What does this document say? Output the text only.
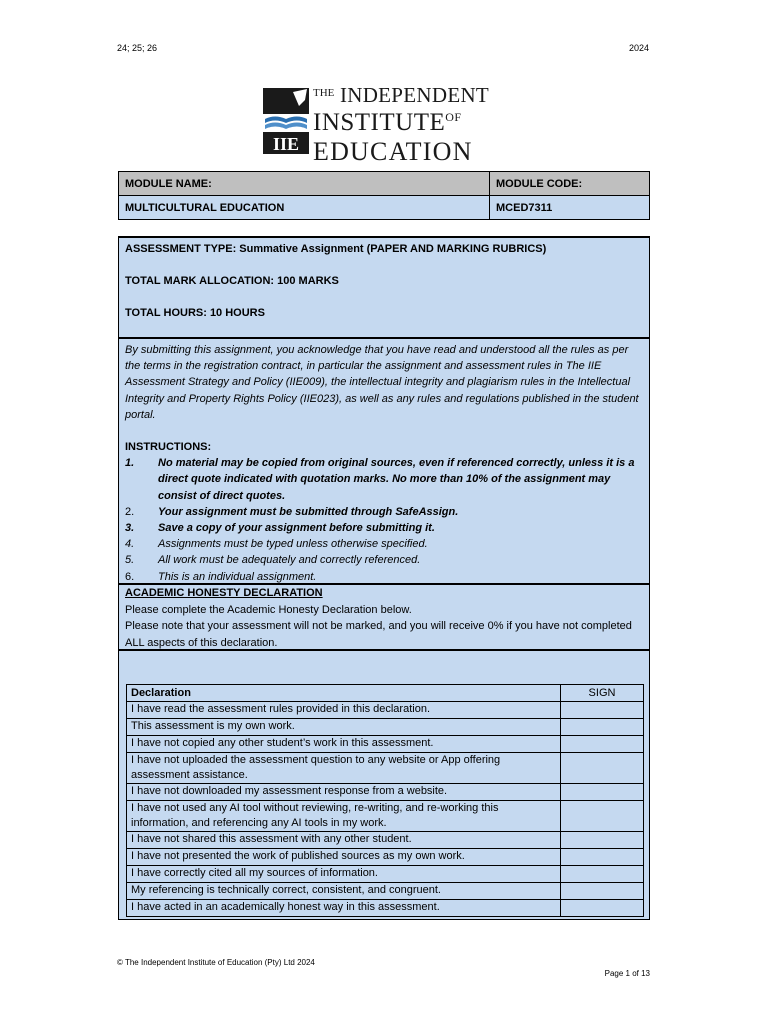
24; 25; 26	2024
IIE
THE INDEPENDENT
INSTITUTEOF
EDUCATION
MODULE NAME:	MODULE CODE:
MULTICULTURAL EDUCATION	MCED7311

ASSESSMENT TYPE: Summative Assignment (PAPER AND MARKING RUBRICS)

TOTAL MARK ALLOCATION: 100 MARKS

TOTAL HOURS: 10 HOURS

By submitting this assignment, you acknowledge that you have read and understood all the rules as per the terms in the registration contract, in particular the assignment and assessment rules in The IIE Assessment Strategy and Policy (IIE009), the intellectual integrity and plagiarism rules in the Intellectual Integrity and Property Rights Policy (IIE023), as well as any rules and regulations published in the student portal.
INSTRUCTIONS:
1. No material may be copied from original sources, even if referenced correctly, unless it is a direct quote indicated with quotation marks. No more than 10% of the assignment may consist of direct quotes.
2. Your assignment must be submitted through SafeAssign.
3. Save a copy of your assignment before submitting it.
4. Assignments must be typed unless otherwise specified.
5. All work must be adequately and correctly referenced.
6. This is an individual assignment.
ACADEMIC HONESTY DECLARATION
Please complete the Academic Honesty Declaration below.
Please note that your assessment will not be marked, and you will receive 0% if you have not completed ALL aspects of this declaration.
Declaration	SIGN
I have read the assessment rules provided in this declaration.	
This assessment is my own work.	
I have not copied any other student’s work in this assessment.	
I have not uploaded the assessment question to any website or App offering assessment assistance.	
I have not downloaded my assessment response from a website.	
I have not used any AI tool without reviewing, re-writing, and re-working this information, and referencing any AI tools in my work.	
I have not shared this assessment with any other student.	
I have not presented the work of published sources as my own work.	
I have correctly cited all my sources of information.	
My referencing is technically correct, consistent, and congruent.	
I have acted in an academically honest way in this assessment.	
© The Independent Institute of Education (Pty) Ltd 2024
Page 1 of 13
